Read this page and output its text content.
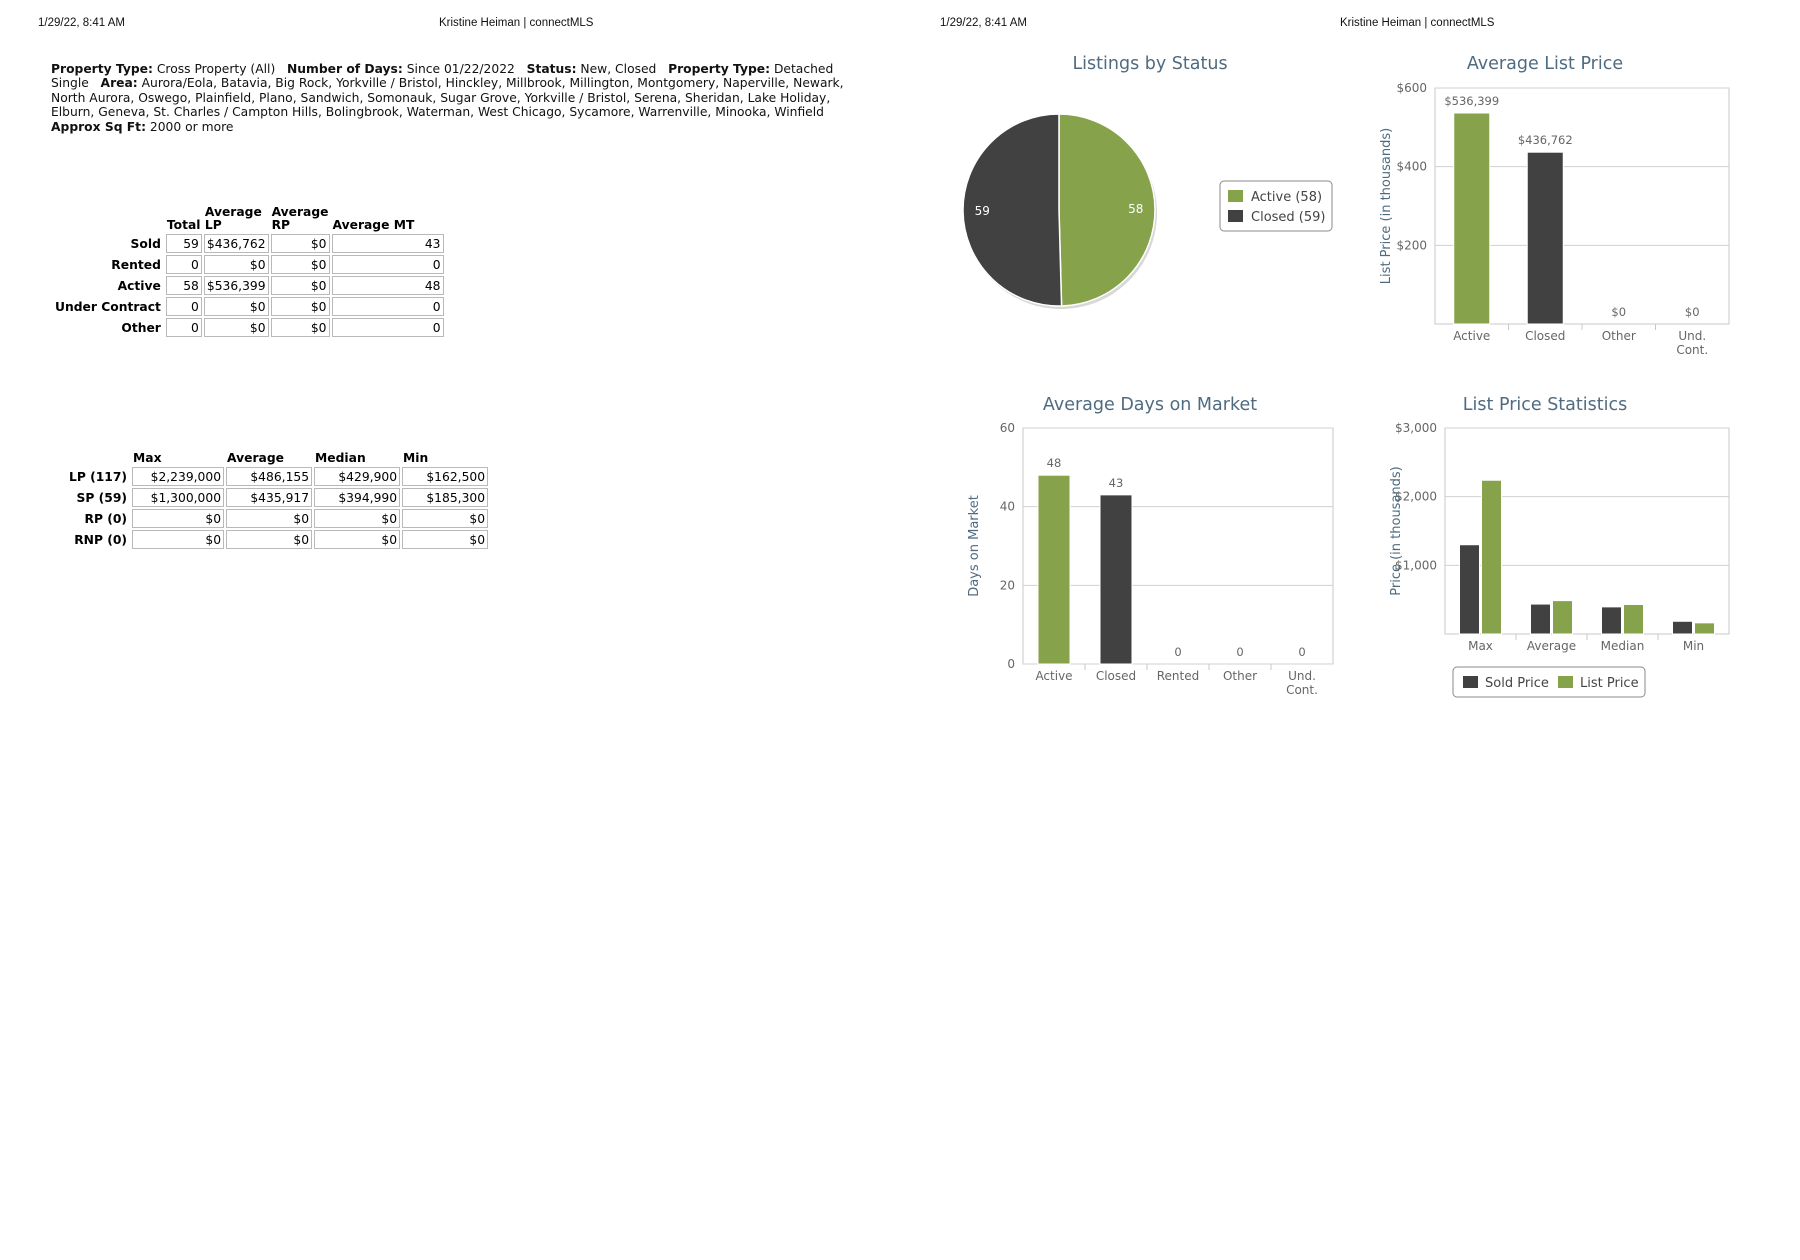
1/29/22, 8:41 AM	Kristine Heiman | connectMLS	1/29/22, 8:41 AM	Kristine Heiman | connectMLS
Property Type: Cross Property (All) Number of Days: Since 01/22/2022 Status: New, Closed Property Type: Detached Single Area: Aurora/Eola, Batavia, Big Rock, Yorkville / Bristol, Hinckley, Millbrook, Millington, Montgomery, Naperville, Newark, North Aurora, Oswego, Plainfield, Plano, Sandwich, Somonauk, Sugar Grove, Yorkville / Bristol, Serena, Sheridan, Lake Holiday, Elburn, Geneva, St. Charles / Campton Hills, Bolingbrook, Waterman, West Chicago, Sycamore, Warrenville, Minooka, Winfield Approx Sq Ft: 2000 or more
	Total	Average LP	Average RP	Average MT
Sold	59	$436,762	$0	43
Rented	0	$0	$0	0
Active	58	$536,399	$0	48
Under Contract	0	$0	$0	0
Other	0	$0	$0	0
	Max	Average	Median	Min
LP (117)	$2,239,000	$486,155	$429,900	$162,500
SP (59)	$1,300,000	$435,917	$394,990	$185,300
RP (0)	$0	$0	$0	$0
RNP (0)	$0	$0	$0	$0
Listings by Status	Average List Price
Average Days on Market	List Price Statistics
58
59
Active (58)
Closed (59)
$200
$400
$600
List Price (in thousands)
$536,399
Active
$436,762
Closed
$0
Other
$0
Und. Cont.
0
20
40
60
Days on Market
48
Active
43
Closed
0
Rented
0
Other
0
Und. Cont.
$1,000
$2,000
$3,000
Price (in thousands)
Max	Average Median	Min
Sold Price List Price
